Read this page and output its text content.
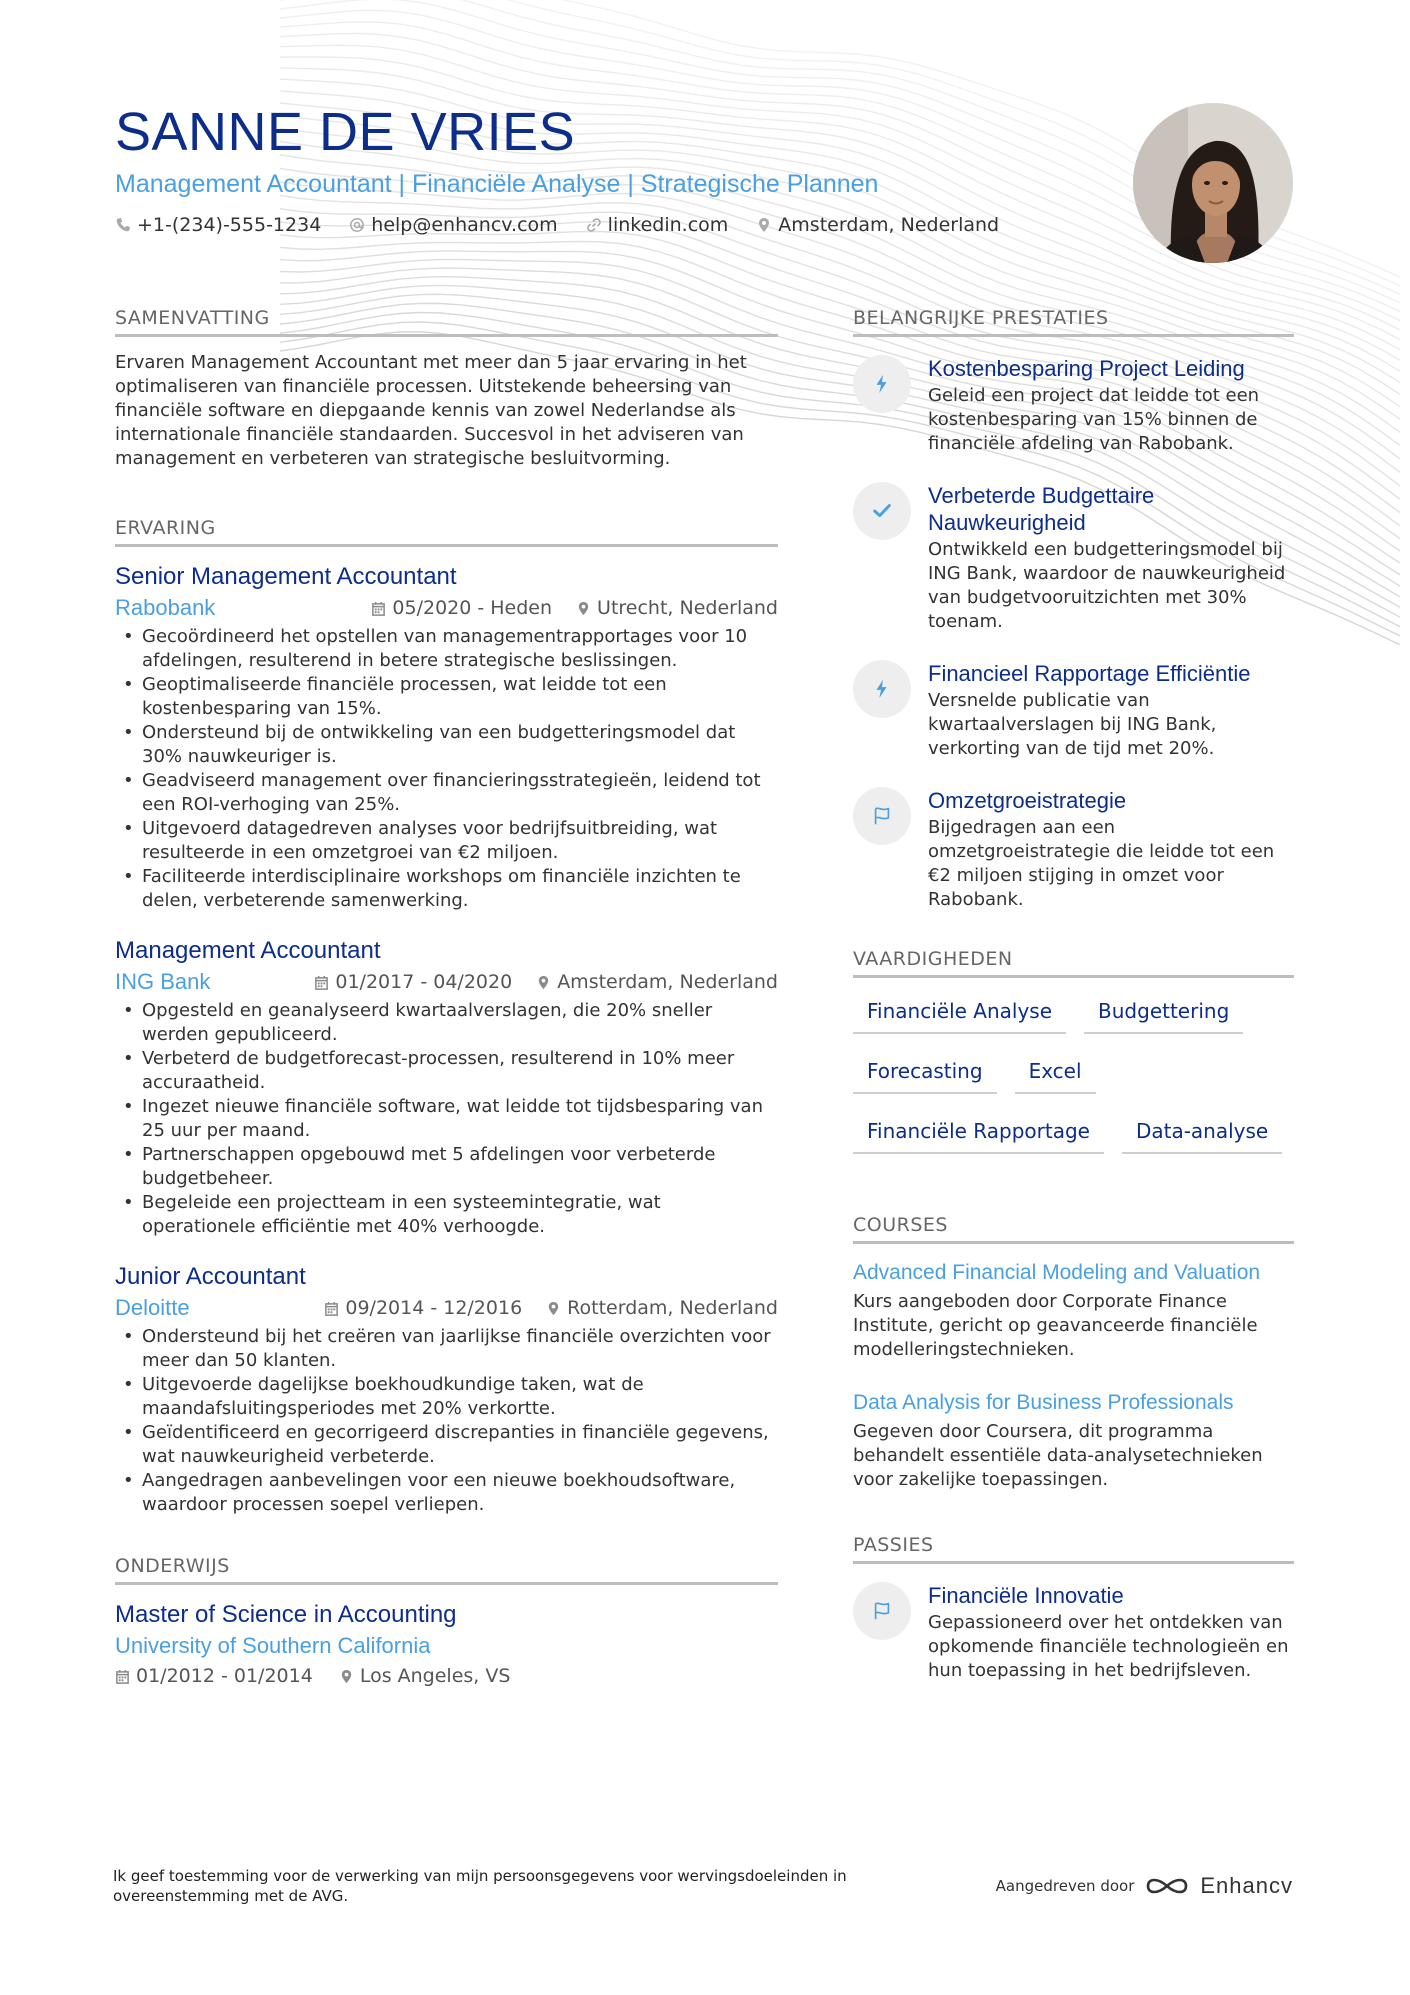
SANNE DE VRIES
Management Accountant | Financiële Analyse | Strategische Plannen
+1-(234)-555-1234	help@enhancv.com	linkedin.com	Amsterdam, Nederland
SAMENVATTING
Ervaren Management Accountant met meer dan 5 jaar ervaring in het optimaliseren van financiële processen. Uitstekende beheersing van financiële software en diepgaande kennis van zowel Nederlandse als internationale financiële standaarden. Succesvol in het adviseren van management en verbeteren van strategische besluitvorming.
ERVARING
Senior Management Accountant
Rabobank	05/2020 - Heden Utrecht, Nederland
• Gecoördineerd het opstellen van managementrapportages voor 10 afdelingen, resulterend in betere strategische beslissingen.
• Geoptimaliseerde financiële processen, wat leidde tot een kostenbesparing van 15%.
• Ondersteund bij de ontwikkeling van een budgetteringsmodel dat 30% nauwkeuriger is.
• Geadviseerd management over financieringsstrategieën, leidend tot een ROI-verhoging van 25%.
• Uitgevoerd datagedreven analyses voor bedrijfsuitbreiding, wat resulteerde in een omzetgroei van €2 miljoen.
• Faciliteerde interdisciplinaire workshops om financiële inzichten te delen, verbeterende samenwerking.
Management Accountant
ING Bank	01/2017 - 04/2020 Amsterdam, Nederland
• Opgesteld en geanalyseerd kwartaalverslagen, die 20% sneller werden gepubliceerd.
• Verbeterd de budgetforecast-processen, resulterend in 10% meer accuraatheid.
• Ingezet nieuwe financiële software, wat leidde tot tijdsbesparing van 25 uur per maand.
• Partnerschappen opgebouwd met 5 afdelingen voor verbeterde budgetbeheer.
• Begeleide een projectteam in een systeemintegratie, wat operationele efficiëntie met 40% verhoogde.
Junior Accountant
Deloitte	09/2014 - 12/2016 Rotterdam, Nederland
• Ondersteund bij het creëren van jaarlijkse financiële overzichten voor meer dan 50 klanten.
• Uitgevoerde dagelijkse boekhoudkundige taken, wat de maandafsluitingsperiodes met 20% verkortte.
• Geïdentificeerd en gecorrigeerd discrepanties in financiële gegevens, wat nauwkeurigheid verbeterde.
• Aangedragen aanbevelingen voor een nieuwe boekhoudsoftware, waardoor processen soepel verliepen.
ONDERWIJS
Master of Science in Accounting
University of Southern California
01/2012 - 01/2014 Los Angeles, VS
BELANGRIJKE PRESTATIES
Kostenbesparing Project Leiding
Geleid een project dat leidde tot een kostenbesparing van 15% binnen de financiële afdeling van Rabobank.
Verbeterde Budgettaire Nauwkeurigheid
Ontwikkeld een budgetteringsmodel bij ING Bank, waardoor de nauwkeurigheid van budgetvooruitzichten met 30% toenam.
Financieel Rapportage Efficiëntie
Versnelde publicatie van kwartaalverslagen bij ING Bank, verkorting van de tijd met 20%.
Omzetgroeistrategie
Bijgedragen aan een omzetgroeistrategie die leidde tot een €2 miljoen stijging in omzet voor Rabobank.
VAARDIGHEDEN
Financiële Analyse	Budgettering
Forecasting	Excel
Financiële Rapportage	Data-analyse
COURSES
Advanced Financial Modeling and Valuation
Kurs aangeboden door Corporate Finance Institute, gericht op geavanceerde financiële modelleringstechnieken.
Data Analysis for Business Professionals
Gegeven door Coursera, dit programma behandelt essentiële data-analysetechnieken voor zakelijke toepassingen.
PASSIES
Financiële Innovatie
Gepassioneerd over het ontdekken van opkomende financiële technologieën en hun toepassing in het bedrijfsleven.
Ik geef toestemming voor de verwerking van mijn persoonsgegevens voor wervingsdoeleinden in overeenstemming met de AVG.
Aangedreven door	Enhancv
